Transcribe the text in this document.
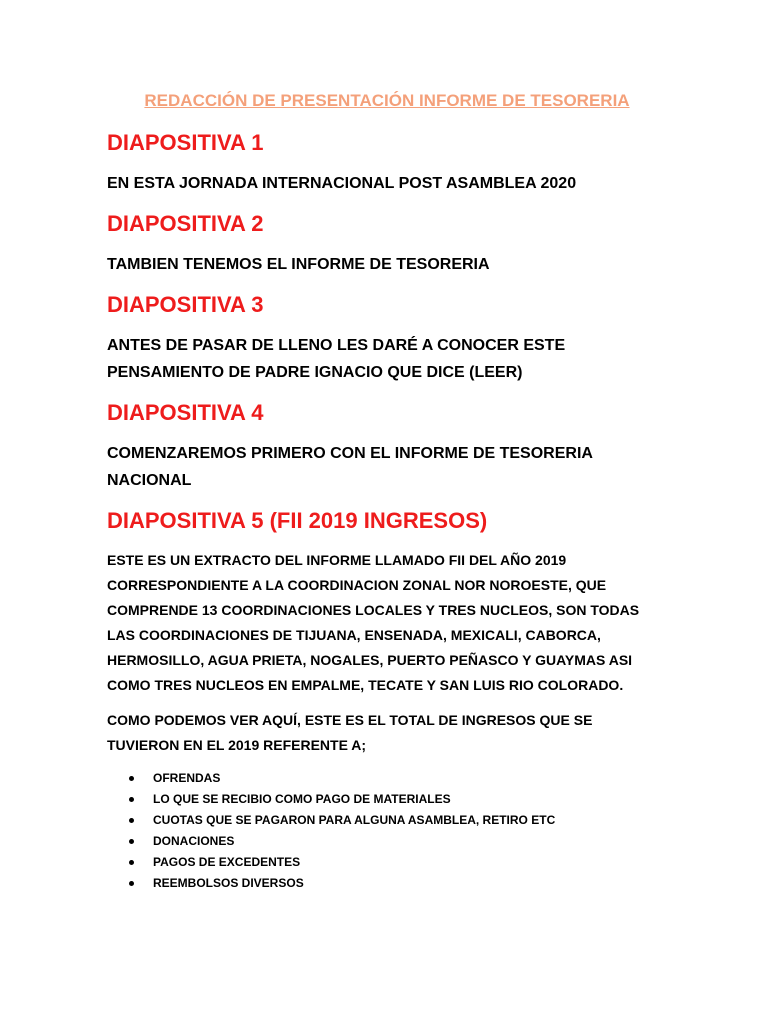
REDACCIÓN DE PRESENTACIÓN INFORME DE TESORERIA
DIAPOSITIVA 1

EN ESTA JORNADA INTERNACIONAL POST ASAMBLEA 2020

DIAPOSITIVA 2

TAMBIEN TENEMOS EL INFORME DE TESORERIA

DIAPOSITIVA 3

ANTES DE PASAR DE LLENO LES DARÉ A CONOCER ESTE PENSAMIENTO DE PADRE IGNACIO QUE DICE (LEER)

DIAPOSITIVA 4

COMENZAREMOS PRIMERO CON EL INFORME DE TESORERIA NACIONAL

DIAPOSITIVA 5 (FII 2019 INGRESOS)

ESTE ES UN EXTRACTO DEL INFORME LLAMADO FII DEL AÑO 2019 CORRESPONDIENTE A LA COORDINACION ZONAL NOR NOROESTE, QUE COMPRENDE 13 COORDINACIONES LOCALES Y TRES NUCLEOS, SON TODAS LAS COORDINACIONES DE TIJUANA, ENSENADA, MEXICALI, CABORCA, HERMOSILLO, AGUA PRIETA, NOGALES, PUERTO PEÑASCO Y GUAYMAS ASI COMO TRES NUCLEOS EN EMPALME, TECATE Y SAN LUIS RIO COLORADO.

COMO PODEMOS VER AQUÍ, ESTE ES EL TOTAL DE INGRESOS QUE SE TUVIERON EN EL 2019 REFERENTE A;

OFRENDAS
LO QUE SE RECIBIO COMO PAGO DE MATERIALES
CUOTAS QUE SE PAGARON PARA ALGUNA ASAMBLEA, RETIRO ETC
DONACIONES
PAGOS DE EXCEDENTES
REEMBOLSOS DIVERSOS
